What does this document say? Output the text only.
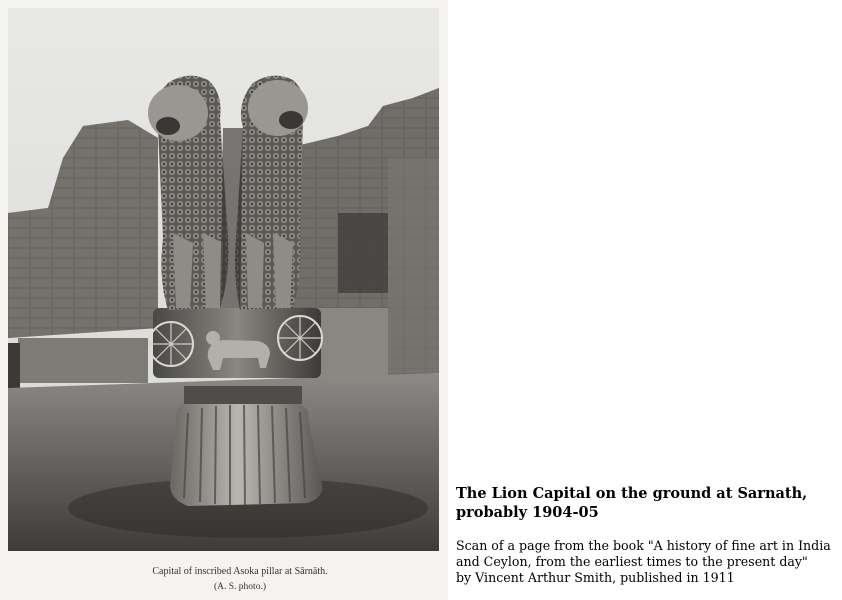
Capital of inscribed Asoka pillar at Sārnāth.
(A. S. photo.)
The Lion Capital on the ground at Sarnath,
probably 1904-05
Scan of a page from the book "A history of fine art in India
and Ceylon, from the earliest times to the present day"
by Vincent Arthur Smith, published in 1911
